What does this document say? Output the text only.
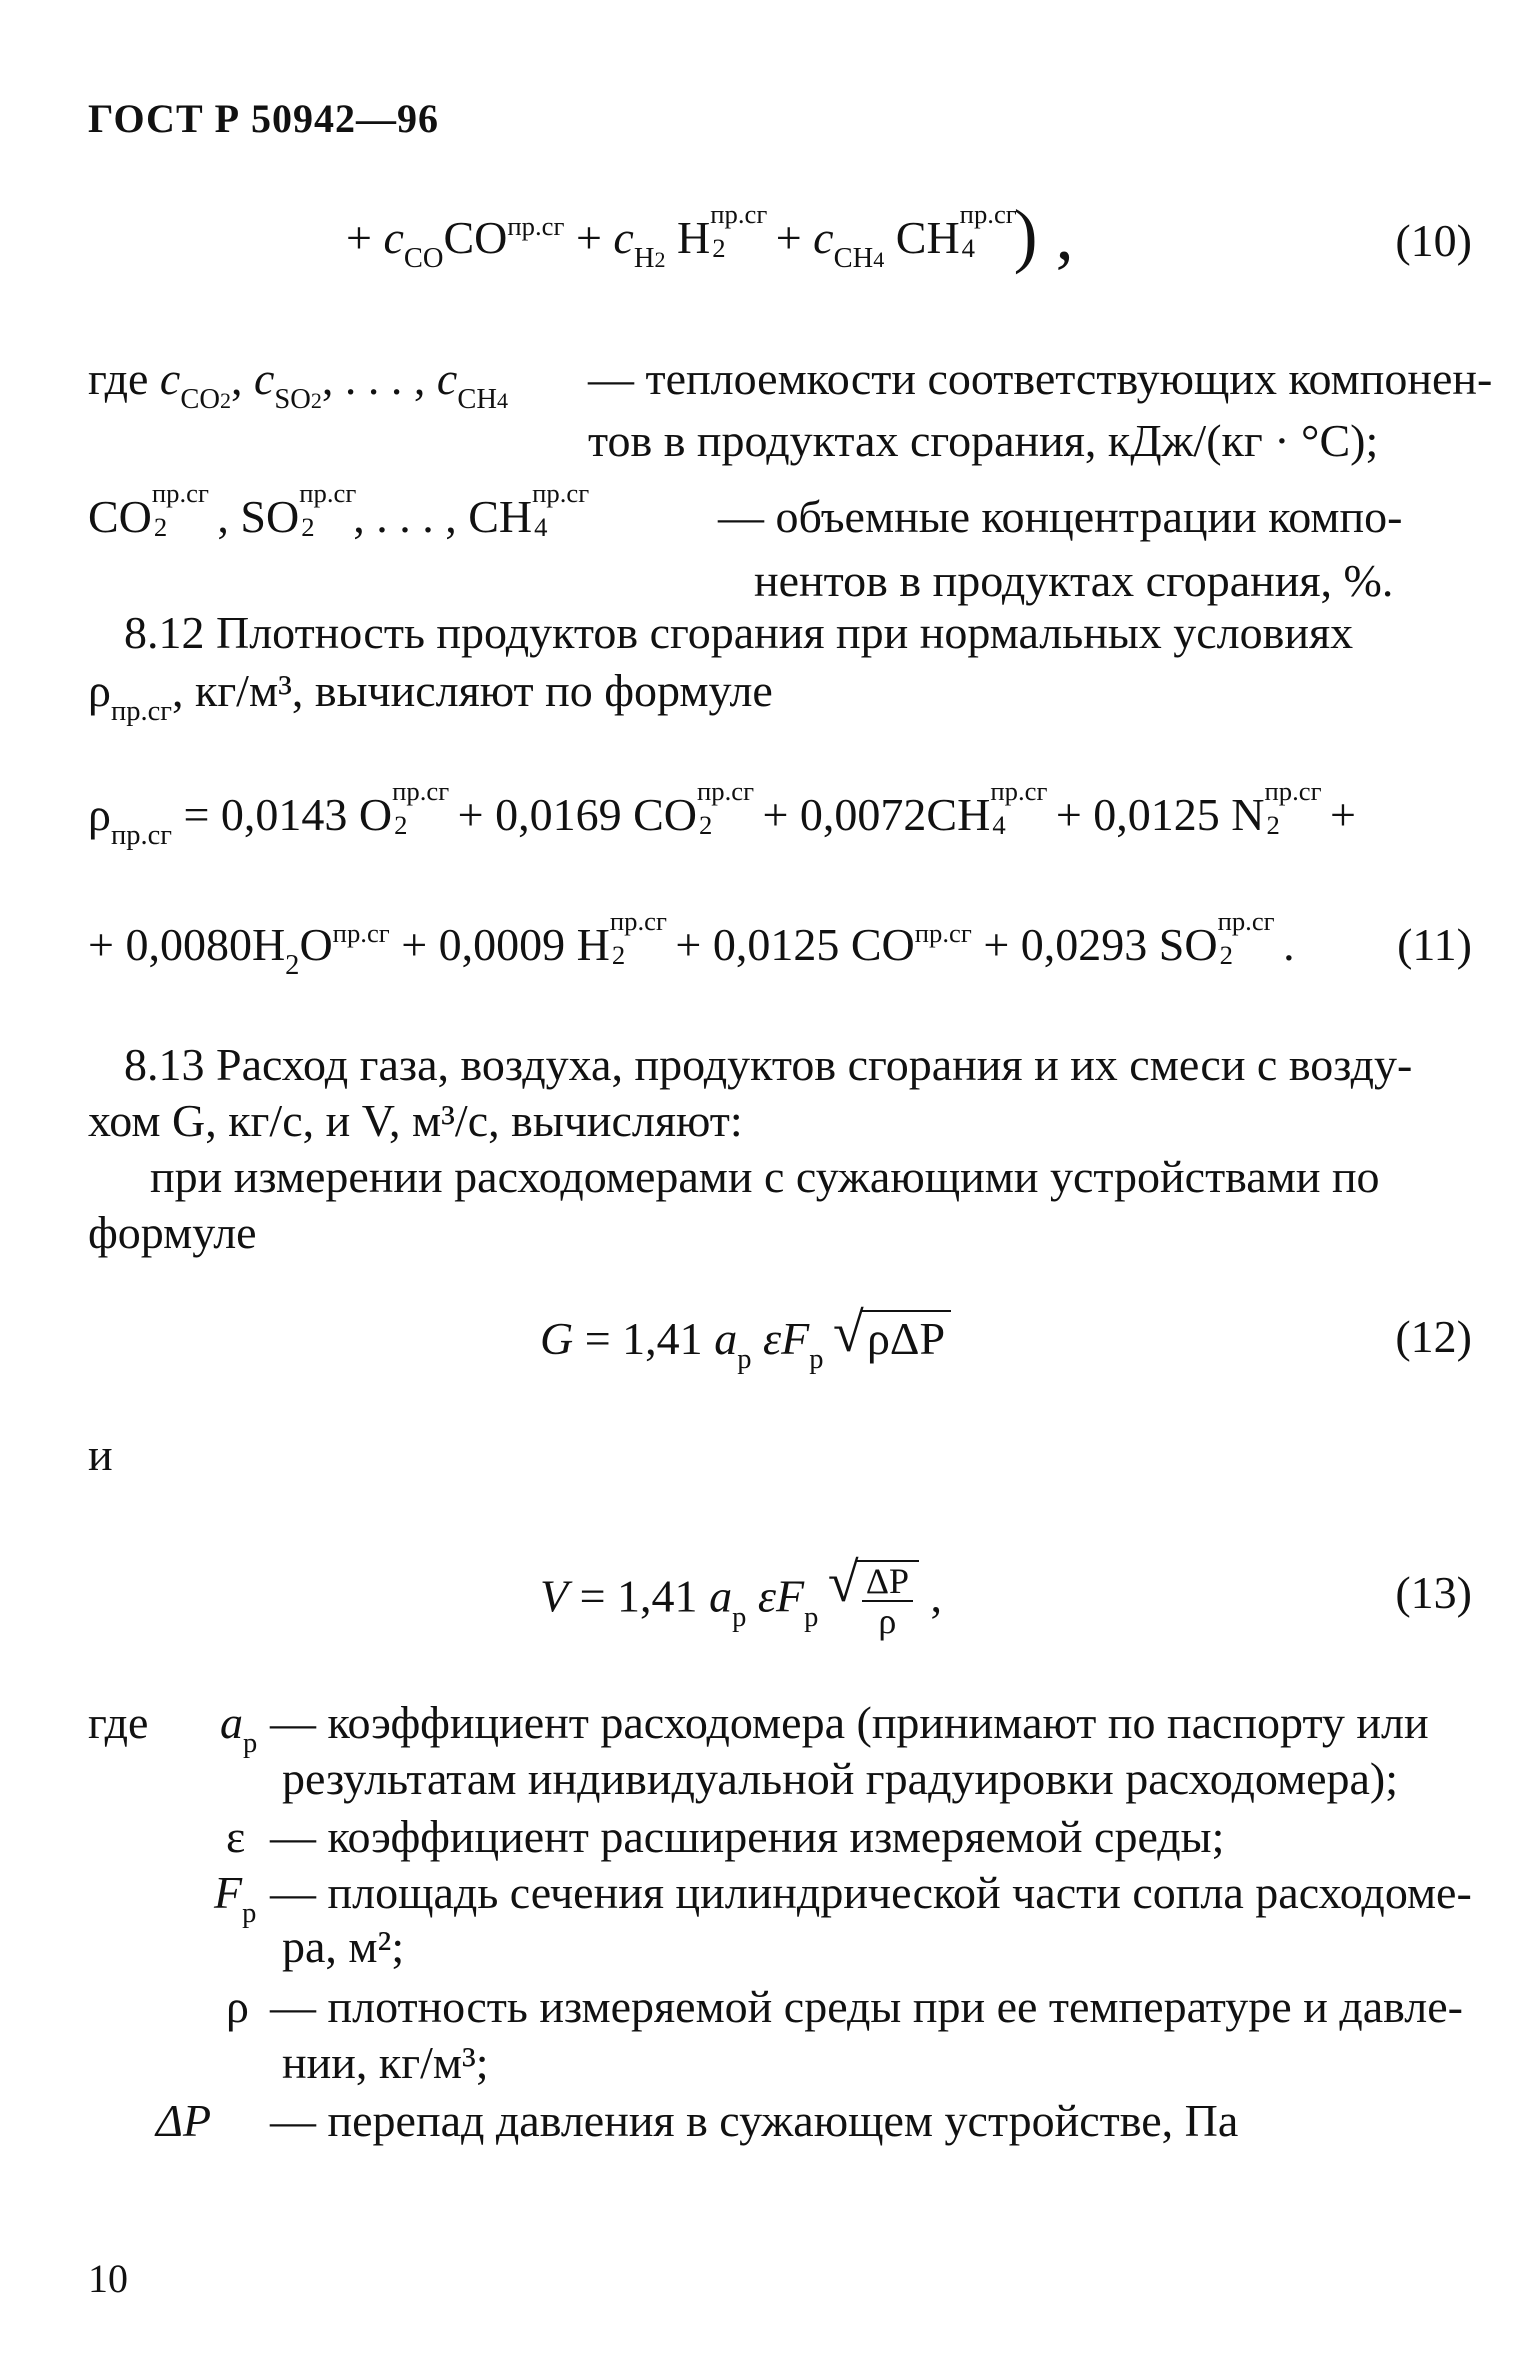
ГОСТ Р 50942—96
+ $c_{CO}CO^{пр.сг} + c_{H2}$ H пр.сг
$2 + c_{CH4}$ CH пр.сг
4 ) ,	(10)
где $c_{CO2}$, $c_{SO2}$, . . . , $c_{CH4}$ — теплоемкости соответствующих компонен-
тов в продуктах сгорания, кДж/(кг · °С);
CO пр.сг
2 , SO пр.сг
2 , . . . , CH пр.сг
4	— объемные концентрации компо-
нентов в продуктах сгорания, %.
8.12 Плотность продуктов сгорания при нормальных условиях
$\rho_{пр.сг}$, кг/м³, вычисляют по формуле
$\rho_{пр.сг} = 0,0143$ O пр.сг
2 + 0,0169 CO пр.сг
2 + 0,0072CH пр.сг
4 + 0,0125 N пр.сг
2 +
+ $0,0080H_2O^{пр.сг} + 0,0009$ H пр.сг
2 + 0,0125 $CO^{пр.сг} + 0,0293$ SO пр.сг
2 . (11)
8.13 Расход газа, воздуха, продуктов сгорания и их смеси с возду-
хом G, кг/с, и V, м³/с, вычисляют:
при измерении расходомерами с сужающими устройствами по
формуле
G = 1,41 $a_р$ $\varepsilon F_р$ √ ρΔP	(12)
и
V = 1,41 $a_р$ $\varepsilon F_р$ √ $\frac{\Delta P}{\rho}$ ,	(13)
где $a_р$ — коэффициент расходомера (принимают по паспорту или
результатам индивидуальной градуировки расходомера);
ε — коэффициент расширения измеряемой среды;
$F_р$ — площадь сечения цилиндрической части сопла расходоме-
ра, м²;
ρ — плотность измеряемой среды при ее температуре и давле-
нии, кг/м³;
ΔP — перепад давления в сужающем устройстве, Па
10
